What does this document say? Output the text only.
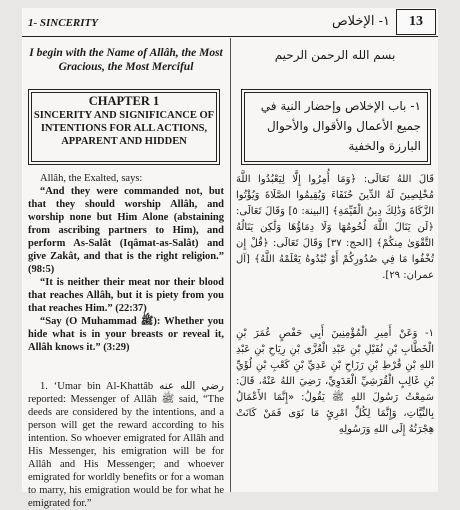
1- SINCERITY	١- الإخلاص	13
I begin with the Name of Allâh, the Most Gracious, the Most Merciful
CHAPTER 1
SINCERITY AND SIGNIFICANCE OF INTENTIONS FOR ALL ACTIONS, APPARENT AND HIDDEN

Allâh, the Exalted, says:

“And they were commanded not, but that they should worship Allâh, and worship none but Him Alone (abstaining from ascribing partners to Him), and perform As-Salât (Iqâmat-as-Salât) and give Zakât, and that is the right religion.” (98:5)

“It is neither their meat nor their blood that reaches Allâh, but it is piety from you that reaches Him.” (22:37)

“Say (O Muhammad ﷺ): Whether you hide what is in your breasts or reveal it, Allâh knows it.” (3:29)

1. ‘Umar bin Al-Khattâb رضي الله عنه reported: Messenger of Allâh ﷺ said, “The deeds are considered by the intentions, and a person will get the reward according to his intention. So whoever emigrated for Allâh and His Messenger, his emigration will be for Allâh and His Messenger; and whoever emigrated for worldly benefits or for a woman to marry, his emigration would be for what he emigrated for.”

بسم الله الرحمن الرحيم
١- باب الإخلاص وإحضار النية في جميع الأعمال والأقوال والأحوال البارزة والخفية

قَالَ اللهُ تَعَالَى: ﴿وَمَا أُمِرُوا إِلَّا لِيَعْبُدُوا اللَّهَ مُخْلِصِينَ لَهُ الدِّينَ حُنَفَاءَ وَيُقِيمُوا الصَّلَاةَ وَيُؤْتُوا الزَّكَاةَ وَذَٰلِكَ دِينُ الْقَيِّمَةِ﴾ [البينة: ٥] وَقَالَ تَعَالَى: ﴿لَن يَنَالَ اللَّهَ لُحُومُهَا وَلَا دِمَاؤُهَا وَلَٰكِن يَنَالُهُ التَّقْوَىٰ مِنكُمْ﴾ [الحج: ٣٧] وَقَالَ تَعَالَى: ﴿قُلْ إِن تُخْفُوا مَا فِي صُدُورِكُمْ أَوْ تُبْدُوهُ يَعْلَمْهُ اللَّهُ﴾ [آل عمران: ٢٩].

١- وَعَنْ أَمِيرِ الْمُؤْمِنِينَ أَبِي حَفْصٍ عُمَرَ بْنِ الْخَطَّابِ بْنِ نُفَيْلِ بْنِ عَبْدِ الْعُزَّى بْنِ رِيَاحِ بْنِ عَبْدِ اللهِ بْنِ قُرْطِ بْنِ رَزَاحِ بْنِ عَدِيِّ بْنِ كَعْبِ بْنِ لُؤَيِّ بْنِ غَالِبٍ الْقُرَشِيِّ الْعَدَوِيِّ، رَضِيَ اللهُ عَنْهُ، قَالَ: سَمِعْتُ رَسُولَ اللهِ ﷺ يَقُولُ: «إِنَّمَا الأَعْمَالُ بِالنِّيَّاتِ، وَإِنَّمَا لِكُلِّ امْرِئٍ مَا نَوَى فَمَنْ كَانَتْ هِجْرَتُهُ إِلَى اللهِ وَرَسُولِهِ
